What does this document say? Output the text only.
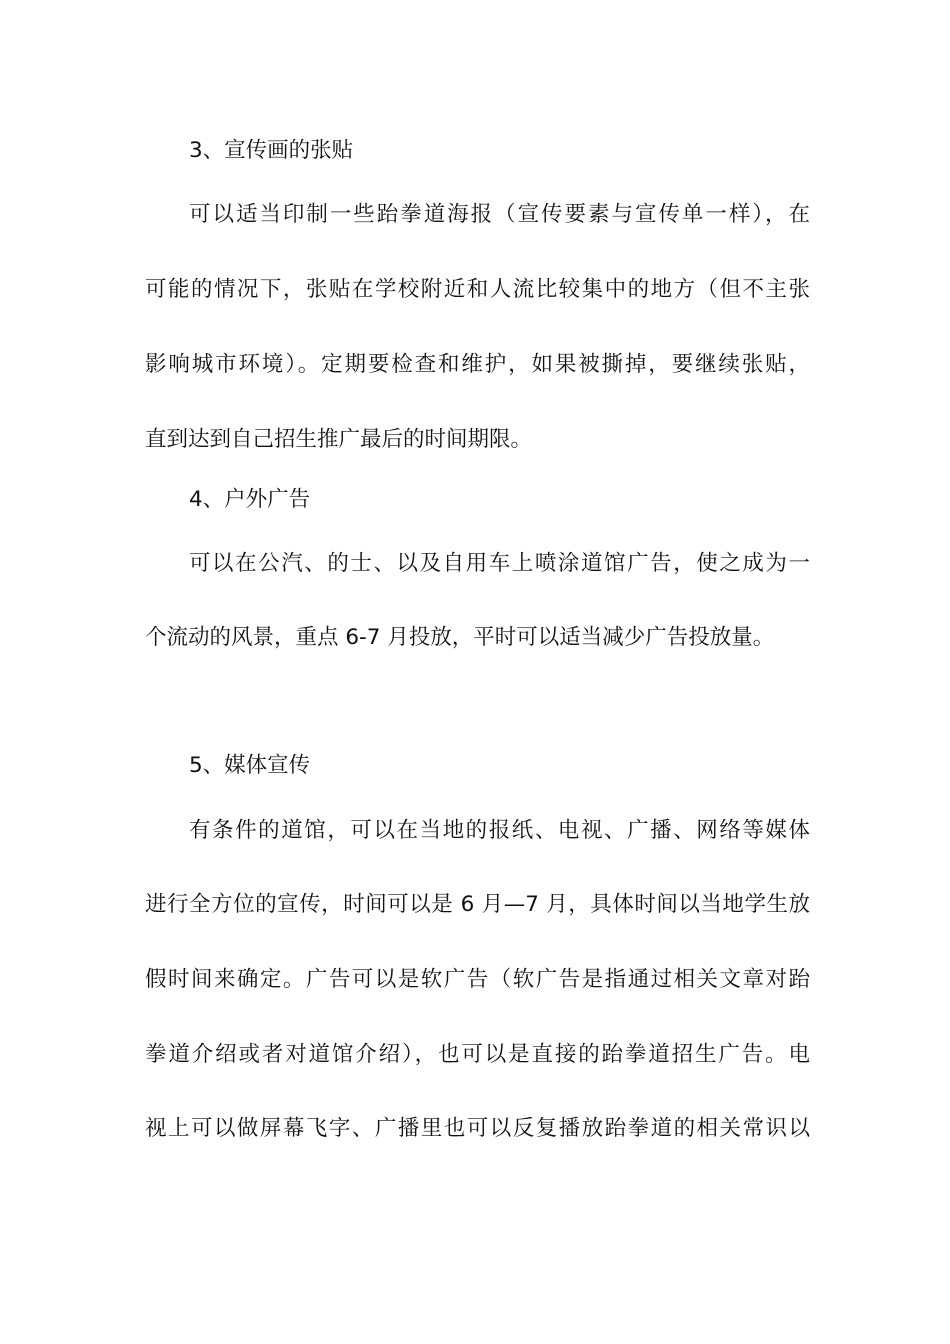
3、宣传画的张贴
可以适当印制一些跆拳道海报（宣传要素与宣传单一样），在
可能的情况下，张贴在学校附近和人流比较集中的地方（但不主张
影响城市环境）。定期要检查和维护，如果被撕掉，要继续张贴，
直到达到自己招生推广最后的时间期限。
4、户外广告
可以在公汽、的士、以及自用车上喷涂道馆广告，使之成为一
个流动的风景，重点 6-7 月投放，平时可以适当减少广告投放量。
5、媒体宣传
有条件的道馆，可以在当地的报纸、电视、广播、网络等媒体
进行全方位的宣传，时间可以是 6 月—7 月，具体时间以当地学生放
假时间来确定。广告可以是软广告（软广告是指通过相关文章对跆
拳道介绍或者对道馆介绍），也可以是直接的跆拳道招生广告。电
视上可以做屏幕飞字、广播里也可以反复播放跆拳道的相关常识以
